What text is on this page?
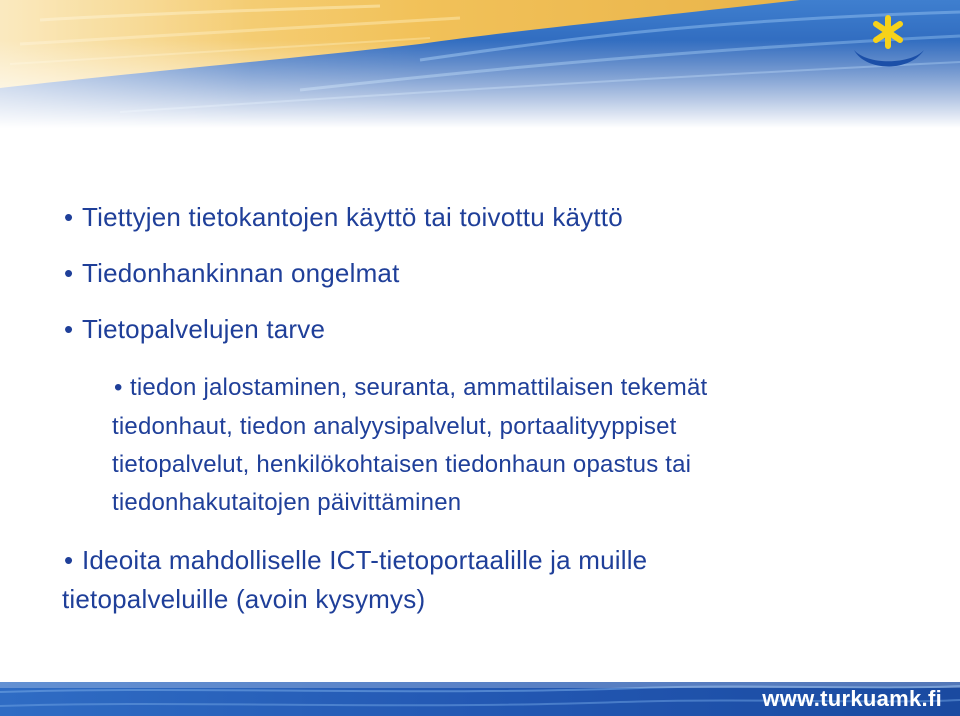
• Tiettyjen tietokantojen käyttö tai toivottu käyttö
• Tiedonhankinnan ongelmat
• Tietopalvelujen tarve
• tiedon jalostaminen, seuranta, ammattilaisen tekemät
tiedonhaut, tiedon analyysipalvelut, portaalityyppiset
tietopalvelut, henkilökohtaisen tiedonhaun opastus tai
tiedonhakutaitojen päivittäminen
• Ideoita mahdolliselle ICT-tietoportaalille ja muille
tietopalveluille (avoin kysymys)
www.turkuamk.fi
